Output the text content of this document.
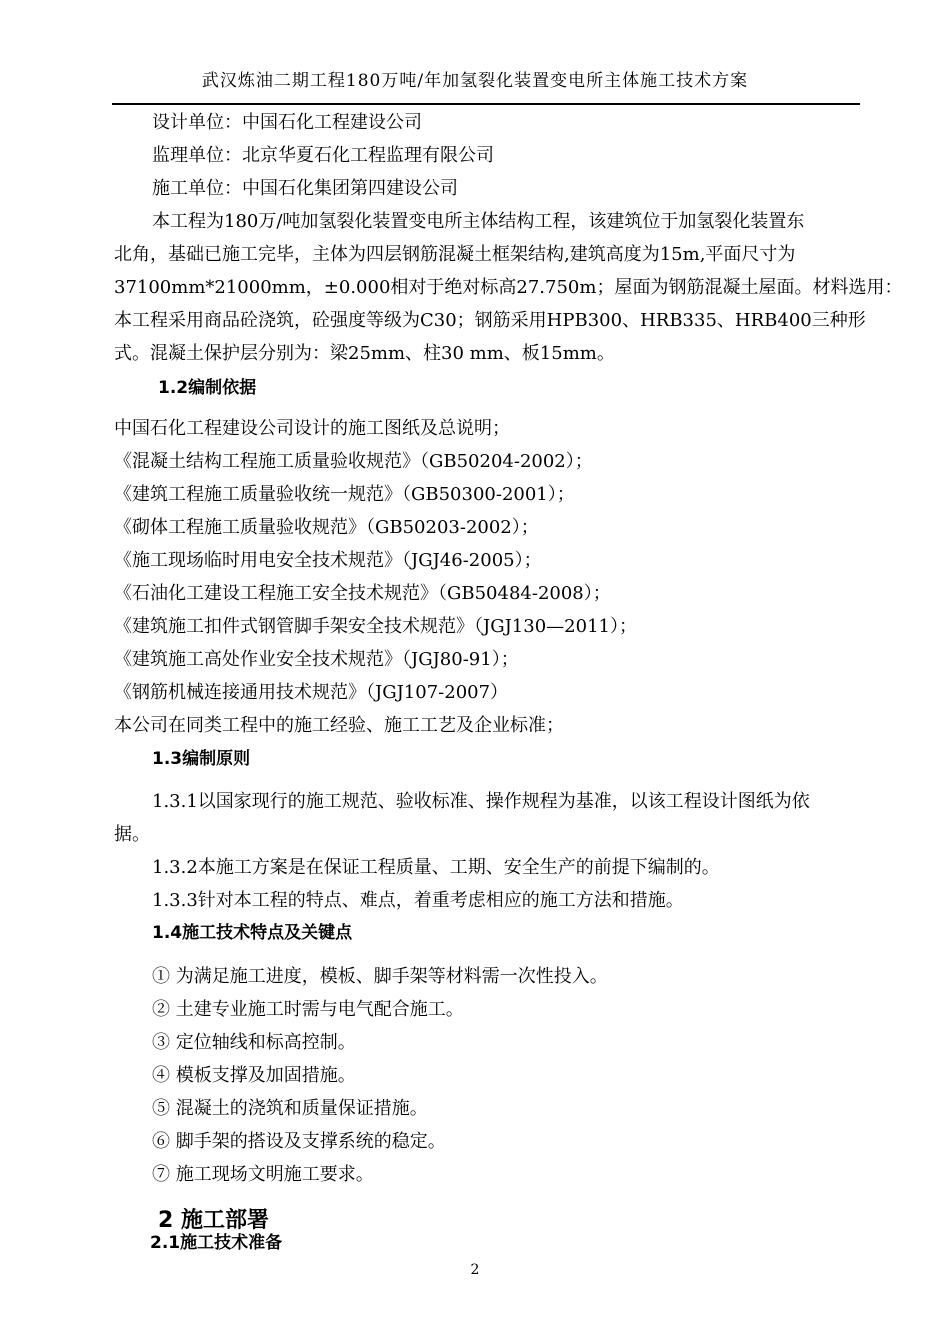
武汉炼油二期工程180万吨/年加氢裂化装置变电所主体施工技术方案
设计单位：中国石化工程建设公司
监理单位：北京华夏石化工程监理有限公司
施工单位：中国石化集团第四建设公司
本工程为180万/吨加氢裂化装置变电所主体结构工程，该建筑位于加氢裂化装置东
北角，基础已施工完毕，主体为四层钢筋混凝土框架结构,建筑高度为15m,平面尺寸为
37100mm*21000mm，±0.000相对于绝对标高27.750m；屋面为钢筋混凝土屋面。材料选用：
本工程采用商品砼浇筑，砼强度等级为C30；钢筋采用HPB300、HRB335、HRB400三种形
式。混凝土保护层分别为：梁25mm、柱30 mm、板15mm。
1.2编制依据
中国石化工程建设公司设计的施工图纸及总说明；
《混凝土结构工程施工质量验收规范》（GB50204-2002）；
《建筑工程施工质量验收统一规范》（GB50300-2001）；
《砌体工程施工质量验收规范》（GB50203-2002）；
《施工现场临时用电安全技术规范》（JGJ46-2005）；
《石油化工建设工程施工安全技术规范》（GB50484-2008）；
《建筑施工扣件式钢管脚手架安全技术规范》（JGJ130—2011）；
《建筑施工高处作业安全技术规范》（JGJ80-91）；
《钢筋机械连接通用技术规范》（JGJ107-2007）
本公司在同类工程中的施工经验、施工工艺及企业标准；
1.3编制原则
1.3.1以国家现行的施工规范、验收标准、操作规程为基准，以该工程设计图纸为依
据。
1.3.2本施工方案是在保证工程质量、工期、安全生产的前提下编制的。
1.3.3针对本工程的特点、难点，着重考虑相应的施工方法和措施。
1.4施工技术特点及关键点
① 为满足施工进度，模板、脚手架等材料需一次性投入。
② 土建专业施工时需与电气配合施工。
③ 定位轴线和标高控制。
④ 模板支撑及加固措施。
⑤ 混凝土的浇筑和质量保证措施。
⑥ 脚手架的搭设及支撑系统的稳定。
⑦ 施工现场文明施工要求。
2 施工部署
2.1施工技术准备
2
